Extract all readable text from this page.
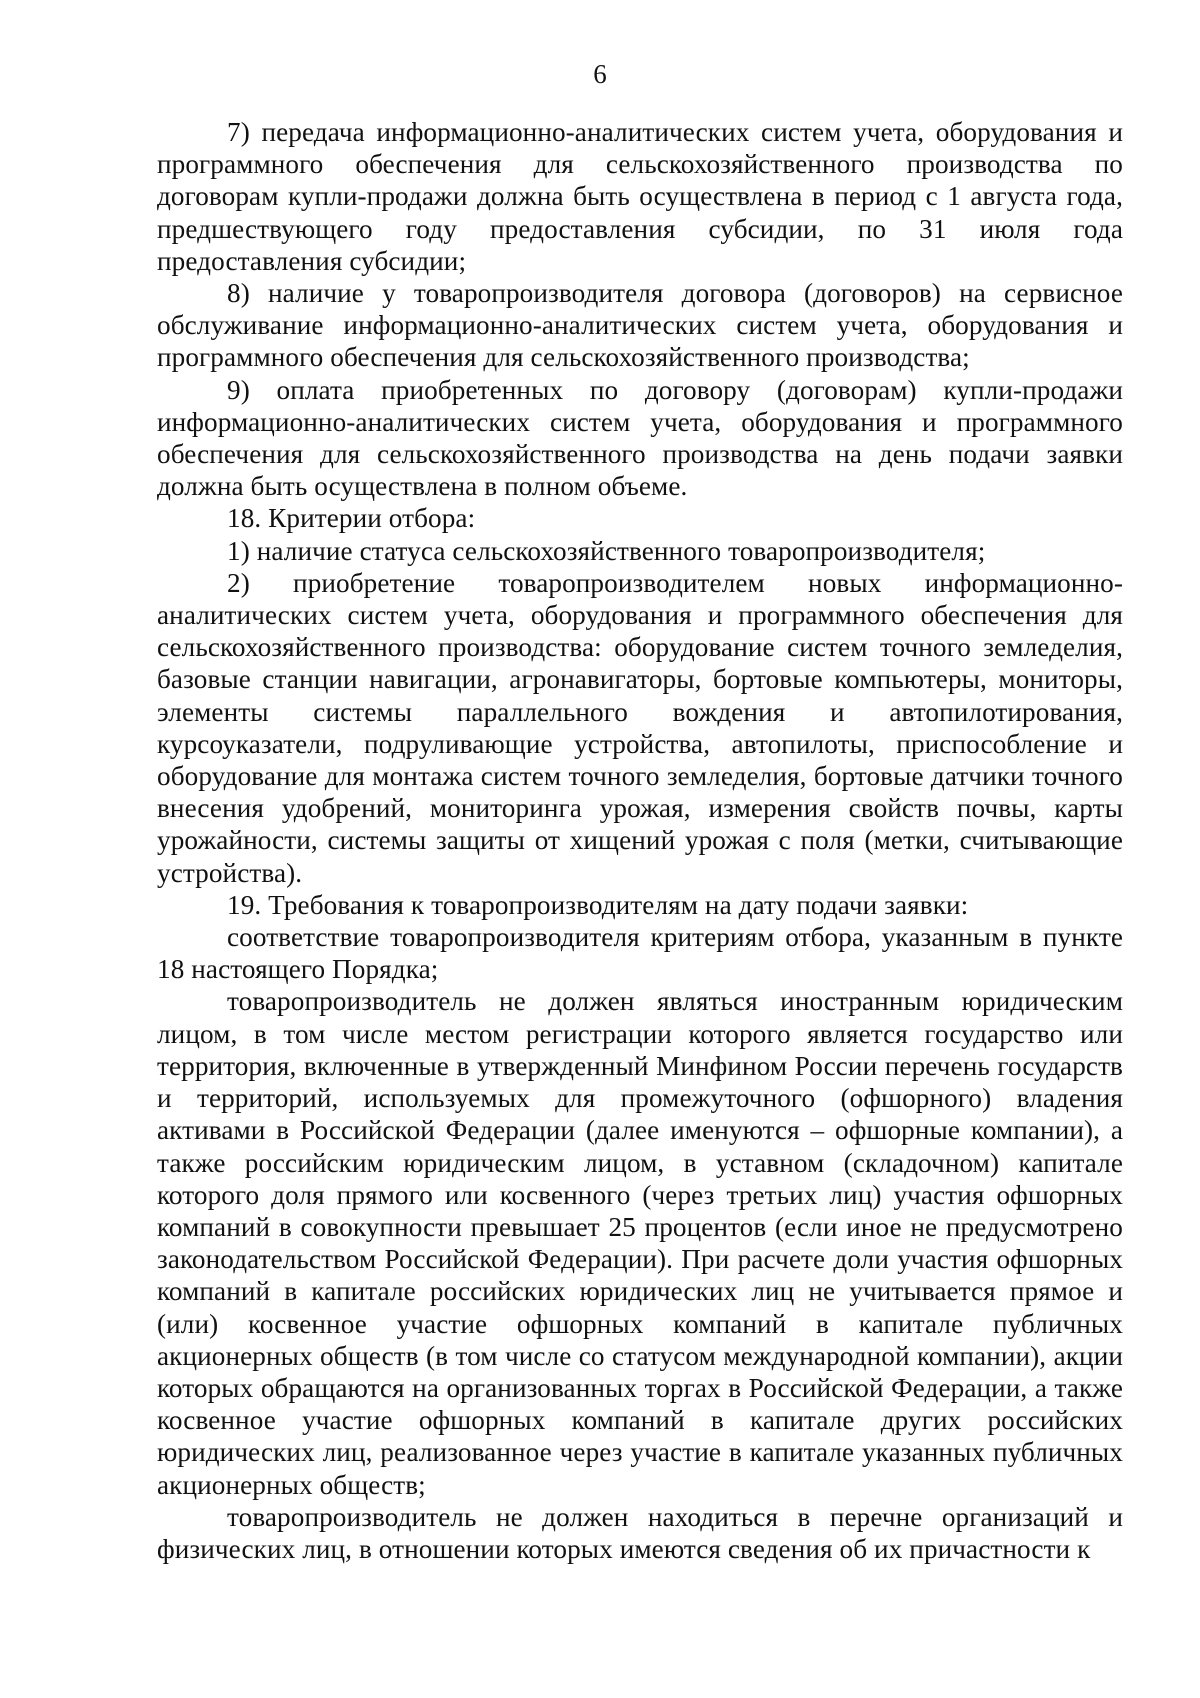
6

7) передача информационно-аналитических систем учета, оборудования и программного обеспечения для сельскохозяйственного производства по договорам купли-продажи должна быть осуществлена в период с 1 августа года, предшествующего году предоставления субсидии, по 31 июля года предоставления субсидии;

8) наличие у товаропроизводителя договора (договоров) на сервисное обслуживание информационно-аналитических систем учета, оборудования и программного обеспечения для сельскохозяйственного производства;

9) оплата приобретенных по договору (договорам) купли-продажи информационно-аналитических систем учета, оборудования и программного обеспечения для сельскохозяйственного производства на день подачи заявки должна быть осуществлена в полном объеме.

18. Критерии отбора:

1) наличие статуса сельскохозяйственного товаропроизводителя;

2) приобретение товаропроизводителем новых информационно-аналитических систем учета, оборудования и программного обеспечения для сельскохозяйственного производства: оборудование систем точного земледелия, базовые станции навигации, агронавигаторы, бортовые компьютеры, мониторы, элементы системы параллельного вождения и автопилотирования, курсоуказатели, подруливающие устройства, автопилоты, приспособление и оборудование для монтажа систем точного земледелия, бортовые датчики точного внесения удобрений, мониторинга урожая, измерения свойств почвы, карты урожайности, системы защиты от хищений урожая с поля (метки, считывающие устройства).

19. Требования к товаропроизводителям на дату подачи заявки:

соответствие товаропроизводителя критериям отбора, указанным в пункте 18 настоящего Порядка;

товаропроизводитель не должен являться иностранным юридическим лицом, в том числе местом регистрации которого является государство или территория, включенные в утвержденный Минфином России перечень государств и территорий, используемых для промежуточного (офшорного) владения активами в Российской Федерации (далее именуются – офшорные компании), а также российским юридическим лицом, в уставном (складочном) капитале которого доля прямого или косвенного (через третьих лиц) участия офшорных компаний в совокупности превышает 25 процентов (если иное не предусмотрено законодательством Российской Федерации). При расчете доли участия офшорных компаний в капитале российских юридических лиц не учитывается прямое и (или) косвенное участие офшорных компаний в капитале публичных акционерных обществ (в том числе со статусом международной компании), акции которых обращаются на организованных торгах в Российской Федерации, а также косвенное участие офшорных компаний в капитале других российских юридических лиц, реализованное через участие в капитале указанных публичных акционерных обществ;

товаропроизводитель не должен находиться в перечне организаций и физических лиц, в отношении которых имеются сведения об их причастности к
